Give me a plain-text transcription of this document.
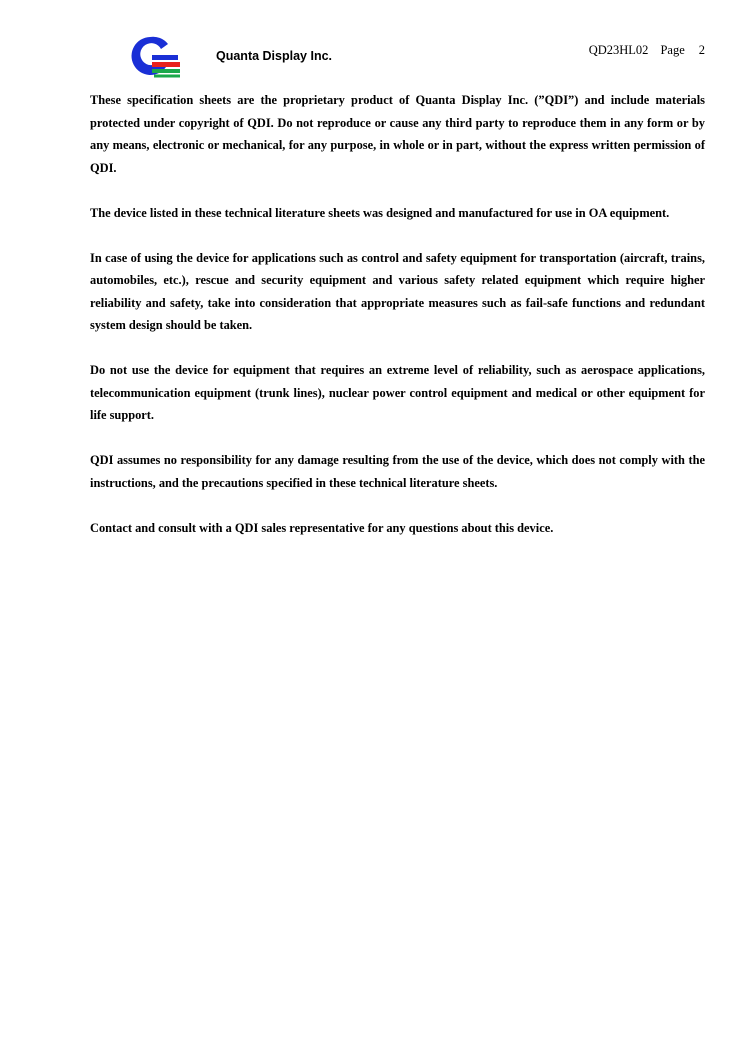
Quanta Display Inc.	QD23HL02 Page 2

These specification sheets are the proprietary product of Quanta Display Inc. (”QDI”) and include materials protected under copyright of QDI. Do not reproduce or cause any third party to reproduce them in any form or by any means, electronic or mechanical, for any purpose, in whole or in part, without the express written permission of QDI.

The device listed in these technical literature sheets was designed and manufactured for use in OA equipment.

In case of using the device for applications such as control and safety equipment for transportation (aircraft, trains, automobiles, etc.), rescue and security equipment and various safety related equipment which require higher reliability and safety, take into consideration that appropriate measures such as fail-safe functions and redundant system design should be taken.

Do not use the device for equipment that requires an extreme level of reliability, such as aerospace applications, telecommunication equipment (trunk lines), nuclear power control equipment and medical or other equipment for life support.

QDI assumes no responsibility for any damage resulting from the use of the device, which does not comply with the instructions, and the precautions specified in these technical literature sheets.

Contact and consult with a QDI sales representative for any questions about this device.
